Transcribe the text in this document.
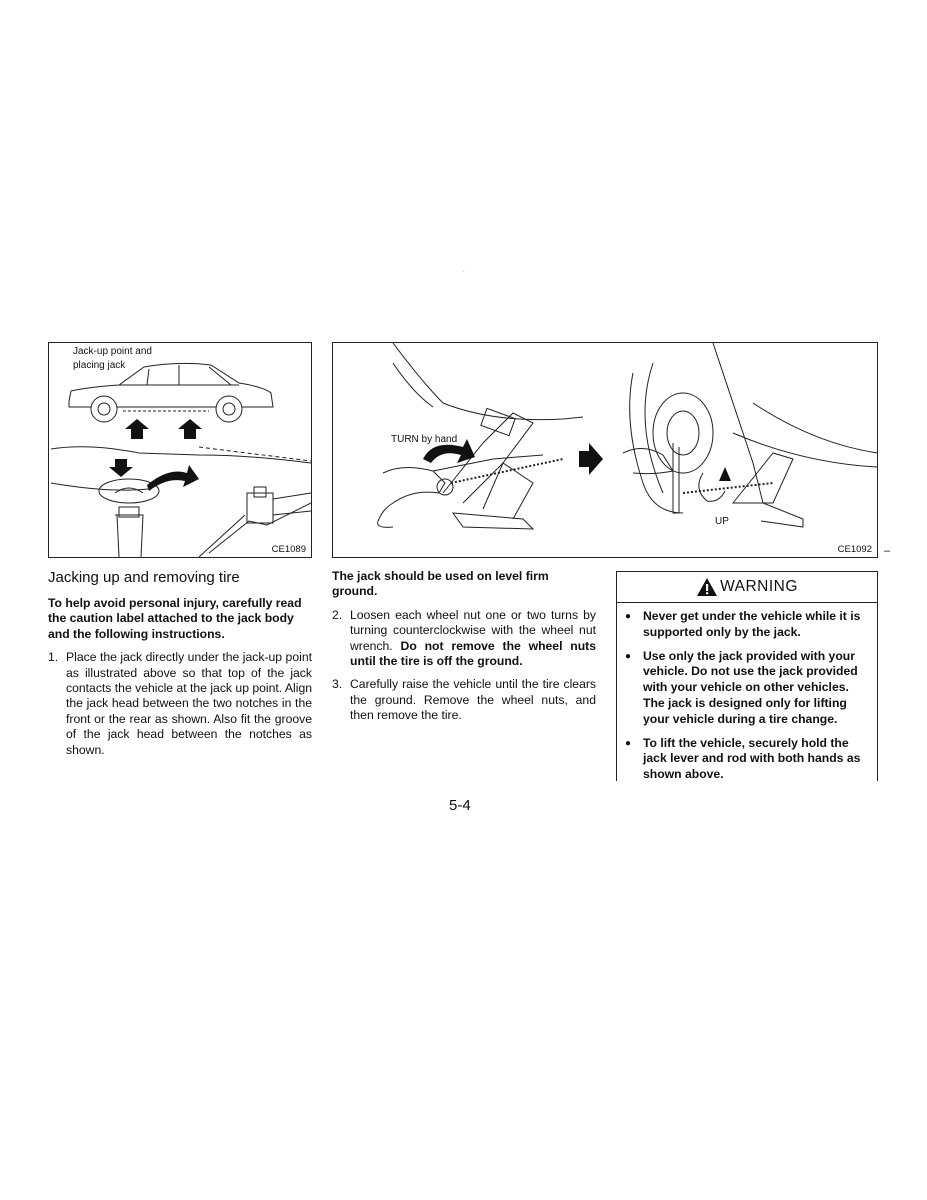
.
Jack-up point and
placing jack
CE1089
TURN by hand
UP
CE1092 –
Jacking up and removing tire

To help avoid personal injury, carefully read the caution label attached to the jack body and the following instructions.

1. Place the jack directly under the jack-up point as illustrated above so that top of the jack contacts the vehicle at the jack up point. Align the jack head between the two notches in the front or the rear as shown. Also fit the groove of the jack head between the notches as shown.

The jack should be used on level firm ground.

2. Loosen each wheel nut one or two turns by turning counterclockwise with the wheel nut wrench. Do not remove the wheel nuts until the tire is off the ground.
3. Carefully raise the vehicle until the tire clears the ground. Remove the wheel nuts, and then remove the tire.
WARNING
● Never get under the vehicle while it is supported only by the jack.
● Use only the jack provided with your vehicle. Do not use the jack provided with your vehicle on other vehicles. The jack is designed only for lifting your vehicle during a tire change.
● To lift the vehicle, securely hold the jack lever and rod with both hands as shown above.
5-4
